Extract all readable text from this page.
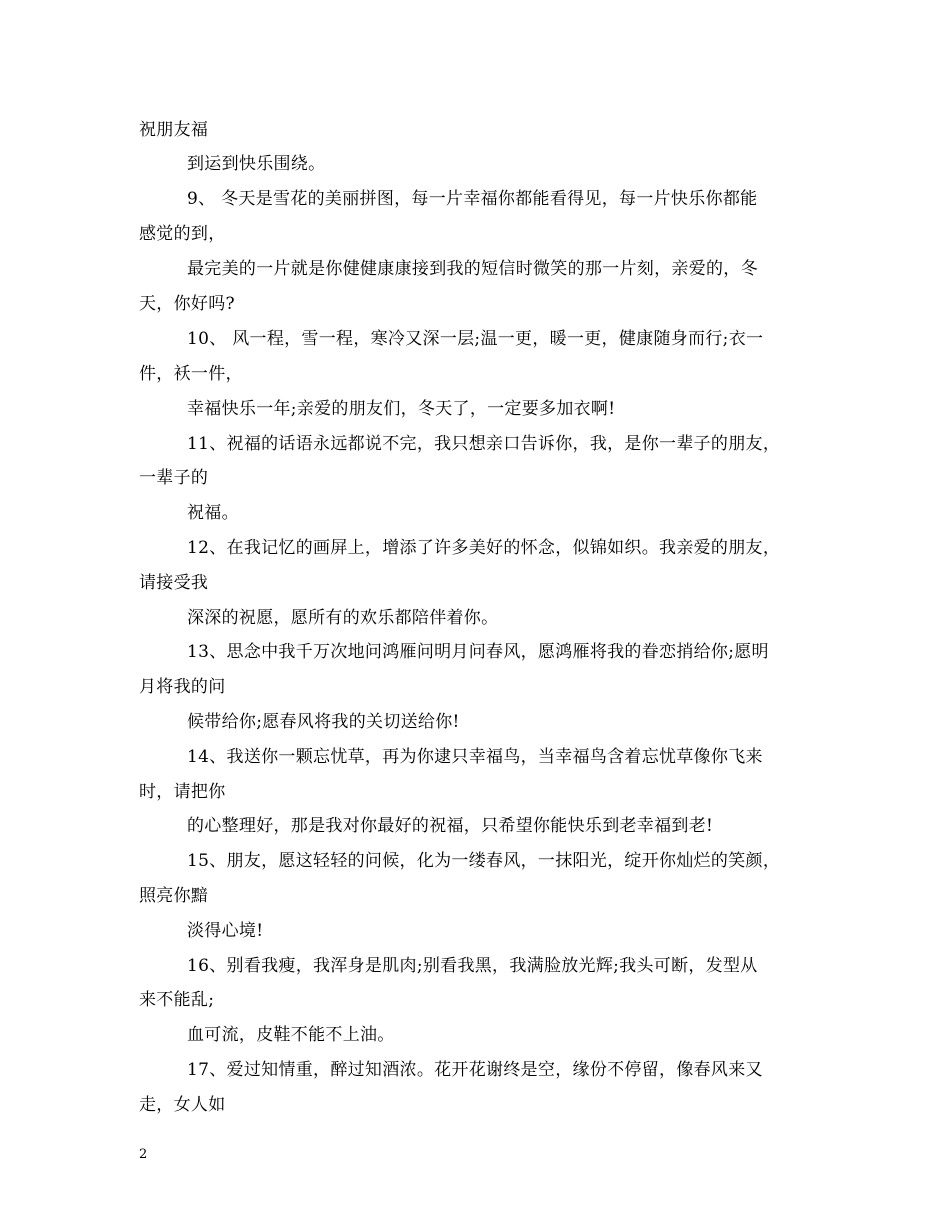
祝朋友福
到运到快乐围绕。
9、 冬天是雪花的美丽拼图，每一片幸福你都能看得见，每一片快乐你都能
感觉的到，
最完美的一片就是你健健康康接到我的短信时微笑的那一片刻，亲爱的，冬
天，你好吗?
10、 风一程，雪一程，寒冷又深一层;温一更，暖一更，健康随身而行;衣一
件，袄一件，
幸福快乐一年;亲爱的朋友们，冬天了，一定要多加衣啊!
11、祝福的话语永远都说不完，我只想亲口告诉你，我，是你一辈子的朋友，
一辈子的
祝福。
12、在我记忆的画屏上，增添了许多美好的怀念，似锦如织。我亲爱的朋友，
请接受我
深深的祝愿，愿所有的欢乐都陪伴着你。
13、思念中我千万次地问鸿雁问明月问春风，愿鸿雁将我的眷恋捎给你;愿明
月将我的问
候带给你;愿春风将我的关切送给你!
14、我送你一颗忘忧草，再为你逮只幸福鸟，当幸福鸟含着忘忧草像你飞来
时，请把你
的心整理好，那是我对你最好的祝福，只希望你能快乐到老幸福到老!
15、朋友，愿这轻轻的问候，化为一缕春风，一抹阳光，绽开你灿烂的笑颜，
照亮你黯
淡得心境!
16、别看我瘦，我浑身是肌肉;别看我黑，我满脸放光辉;我头可断，发型从
来不能乱;
血可流，皮鞋不能不上油。
17、爱过知情重，醉过知酒浓。花开花谢终是空，缘份不停留，像春风来又
走，女人如
2
